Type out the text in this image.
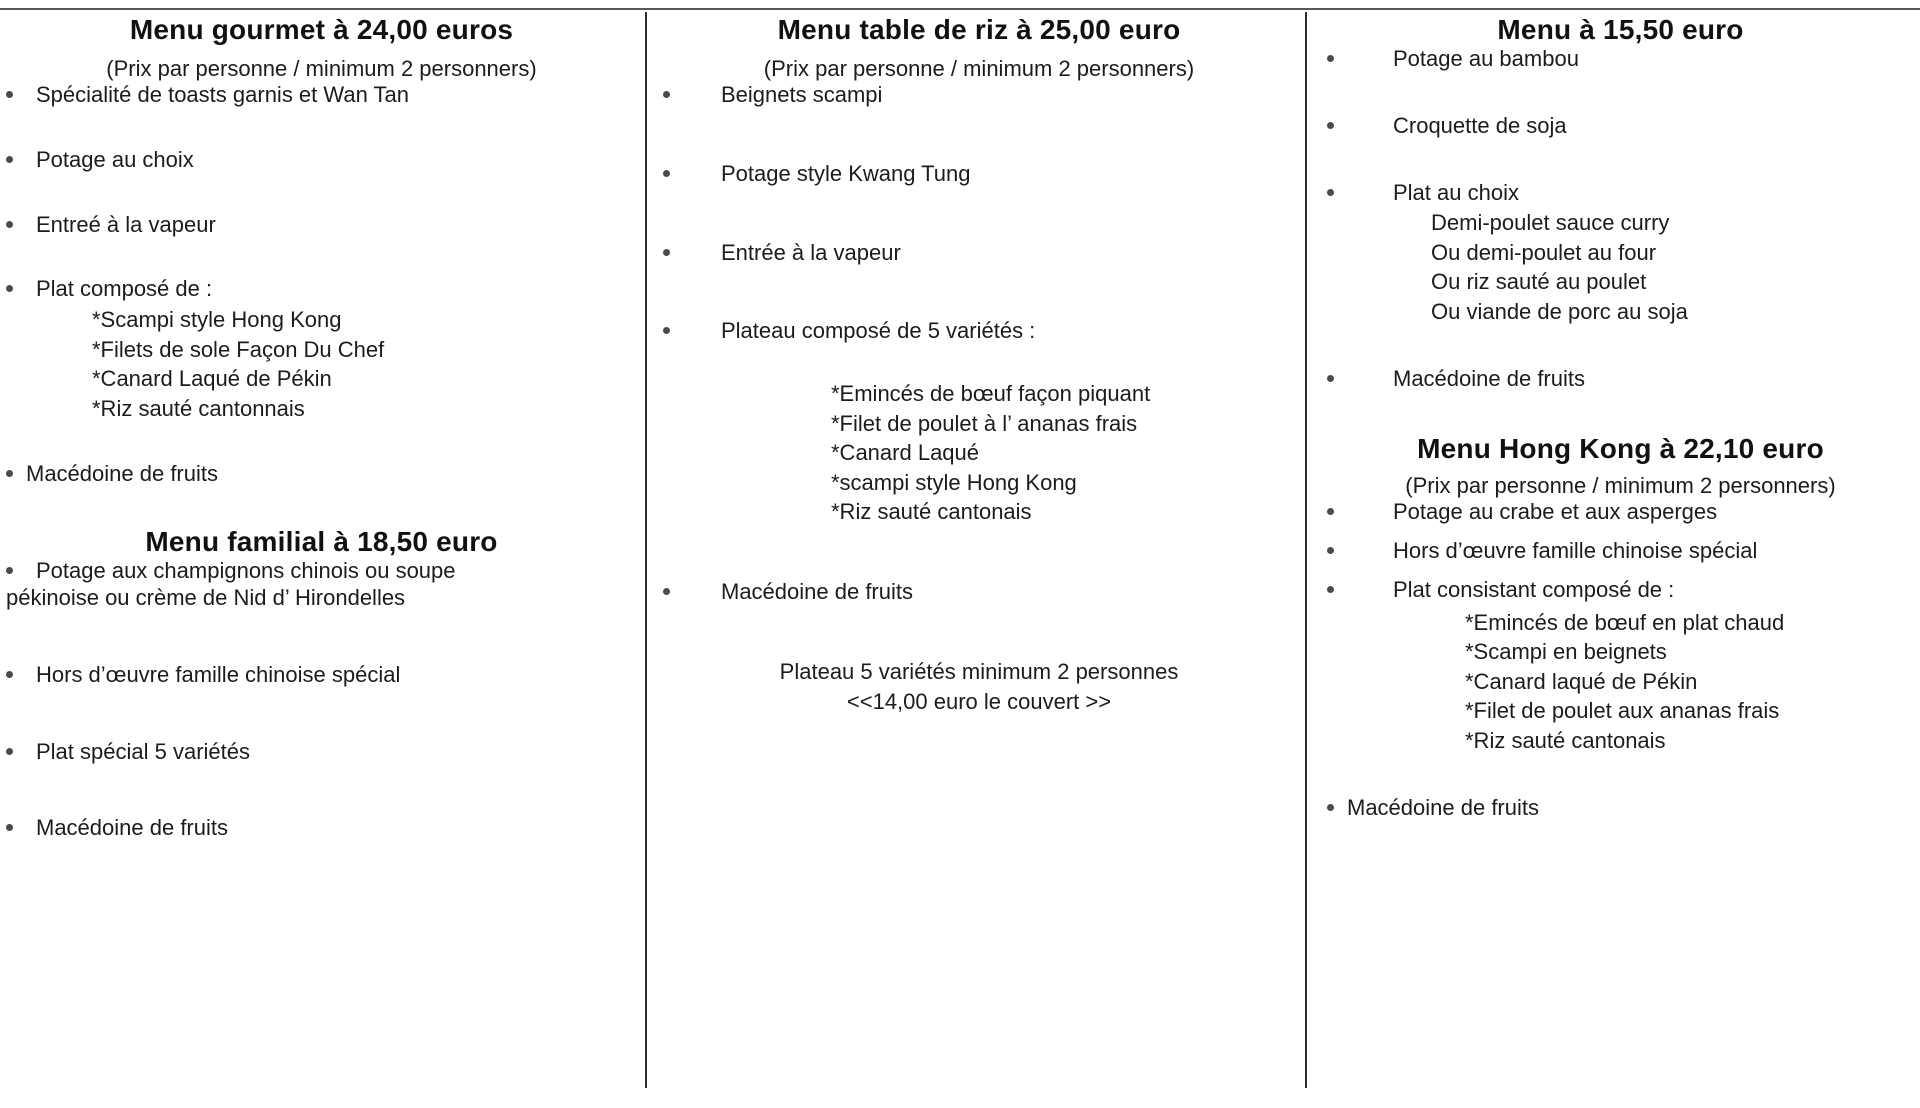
Menu gourmet à 24,00 euros

(Prix par personne / minimum 2 personners)

Spécialité de toasts garnis et Wan Tan
Potage au choix
Entreé à la vapeur
Plat composé de :
*Scampi style Hong Kong
*Filets de sole Façon Du Chef
*Canard Laqué de Pékin
*Riz sauté cantonnais
Macédoine de fruits
Menu familial à 18,50 euro
Potage aux champignons chinois ou soupe
pékinoise ou crème de Nid d’ Hirondelles
Hors d’œuvre famille chinoise spécial
Plat spécial 5 variétés
Macédoine de fruits
Menu table de riz à 25,00 euro

(Prix par personne / minimum 2 personners)

Beignets scampi
Potage style Kwang Tung
Entrée à la vapeur
Plateau composé de 5 variétés :
*Emincés de bœuf façon piquant
*Filet de poulet à l’ ananas frais
*Canard Laqué
*scampi style Hong Kong
*Riz sauté cantonais
Macédoine de fruits
Plateau 5 variétés minimum 2 personnes
<<14,00 euro le couvert >>
Menu à 15,50 euro
Potage au bambou
Croquette de soja
Plat au choix
Demi-poulet sauce curry
Ou demi-poulet au four
Ou riz sauté au poulet
Ou viande de porc au soja
Macédoine de fruits
Menu Hong Kong à 22,10 euro

(Prix par personne / minimum 2 personners)

Potage au crabe et aux asperges
Hors d’œuvre famille chinoise spécial
Plat consistant composé de :
*Emincés de bœuf en plat chaud
*Scampi en beignets
*Canard laqué de Pékin
*Filet de poulet aux ananas frais
*Riz sauté cantonais
Macédoine de fruits
